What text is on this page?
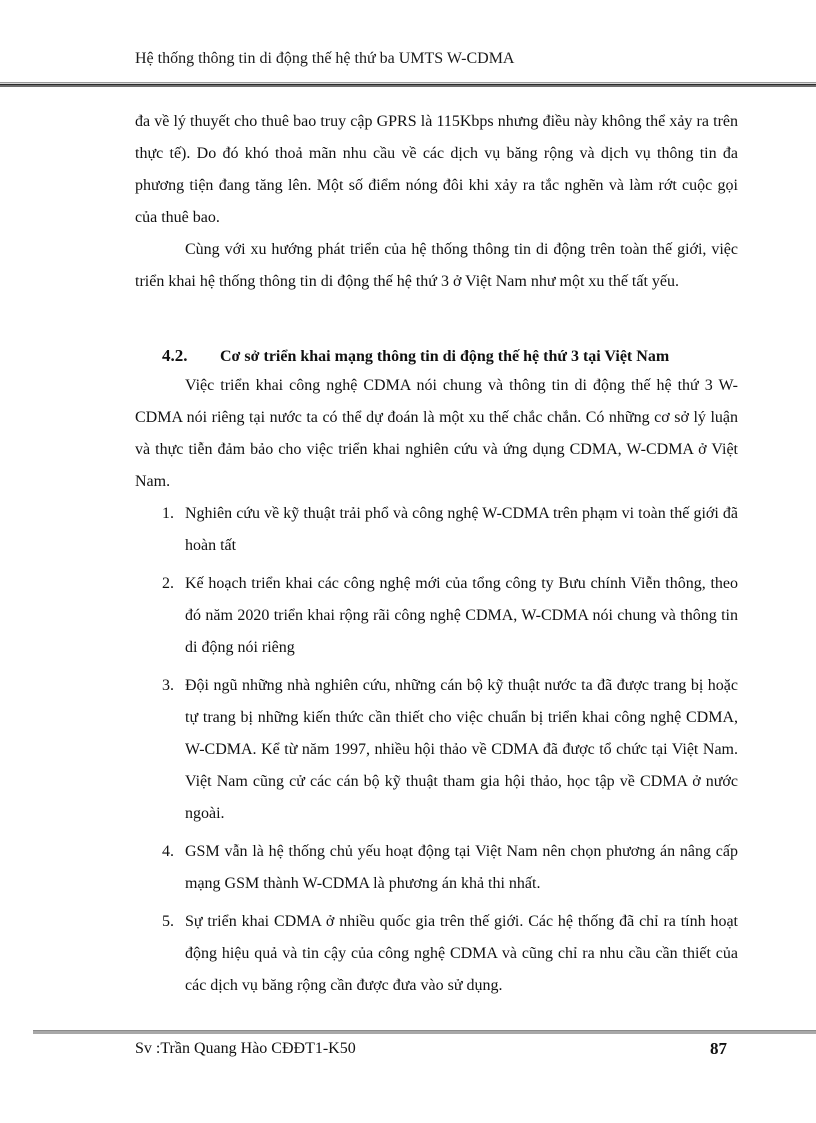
Hệ thống thông tin di động thế hệ thứ ba UMTS W-CDMA

đa về lý thuyết cho thuê bao truy cập GPRS là 115Kbps nhưng điều này không thể xảy ra trên thực tế). Do đó khó thoả mãn nhu cầu về các dịch vụ băng rộng và dịch vụ thông tin đa phương tiện đang tăng lên. Một số điểm nóng đôi khi xảy ra tắc nghẽn và làm rớt cuộc gọi của thuê bao.

Cùng với xu hướng phát triển của hệ thống thông tin di động trên toàn thế giới, việc triển khai hệ thống thông tin di động thế hệ thứ 3 ở Việt Nam như một xu thế tất yếu.

4.2.	Cơ sở triển khai mạng thông tin di động thế hệ thứ 3 tại Việt Nam

Việc triển khai công nghệ CDMA nói chung và thông tin di động thế hệ thứ 3 W-CDMA nói riêng tại nước ta có thể dự đoán là một xu thế chắc chắn. Có những cơ sở lý luận và thực tiễn đảm bảo cho việc triển khai nghiên cứu và ứng dụng CDMA, W-CDMA ở Việt Nam.

1. Nghiên cứu về kỹ thuật trải phổ và công nghệ W-CDMA trên phạm vi toàn thế giới đã hoàn tất
2. Kế hoạch triển khai các công nghệ mới của tổng công ty Bưu chính Viễn thông, theo đó năm 2020 triển khai rộng rãi công nghệ CDMA, W-CDMA nói chung và thông tin di động nói riêng
3. Đội ngũ những nhà nghiên cứu, những cán bộ kỹ thuật nước ta đã được trang bị hoặc tự trang bị những kiến thức cần thiết cho việc chuẩn bị triển khai công nghệ CDMA, W-CDMA. Kể từ năm 1997, nhiều hội thảo về CDMA đã được tổ chức tại Việt Nam. Việt Nam cũng cử các cán bộ kỹ thuật tham gia hội thảo, học tập về CDMA ở nước ngoài.
4. GSM vẫn là hệ thống chủ yếu hoạt động tại Việt Nam nên chọn phương án nâng cấp mạng GSM thành W-CDMA là phương án khả thi nhất.
5. Sự triển khai CDMA ở nhiều quốc gia trên thế giới. Các hệ thống đã chỉ ra tính hoạt động hiệu quả và tin cậy của công nghệ CDMA và cũng chỉ ra nhu cầu cần thiết của các dịch vụ băng rộng cần được đưa vào sử dụng.
Sv :Trần Quang Hào CĐĐT1-K50	87
